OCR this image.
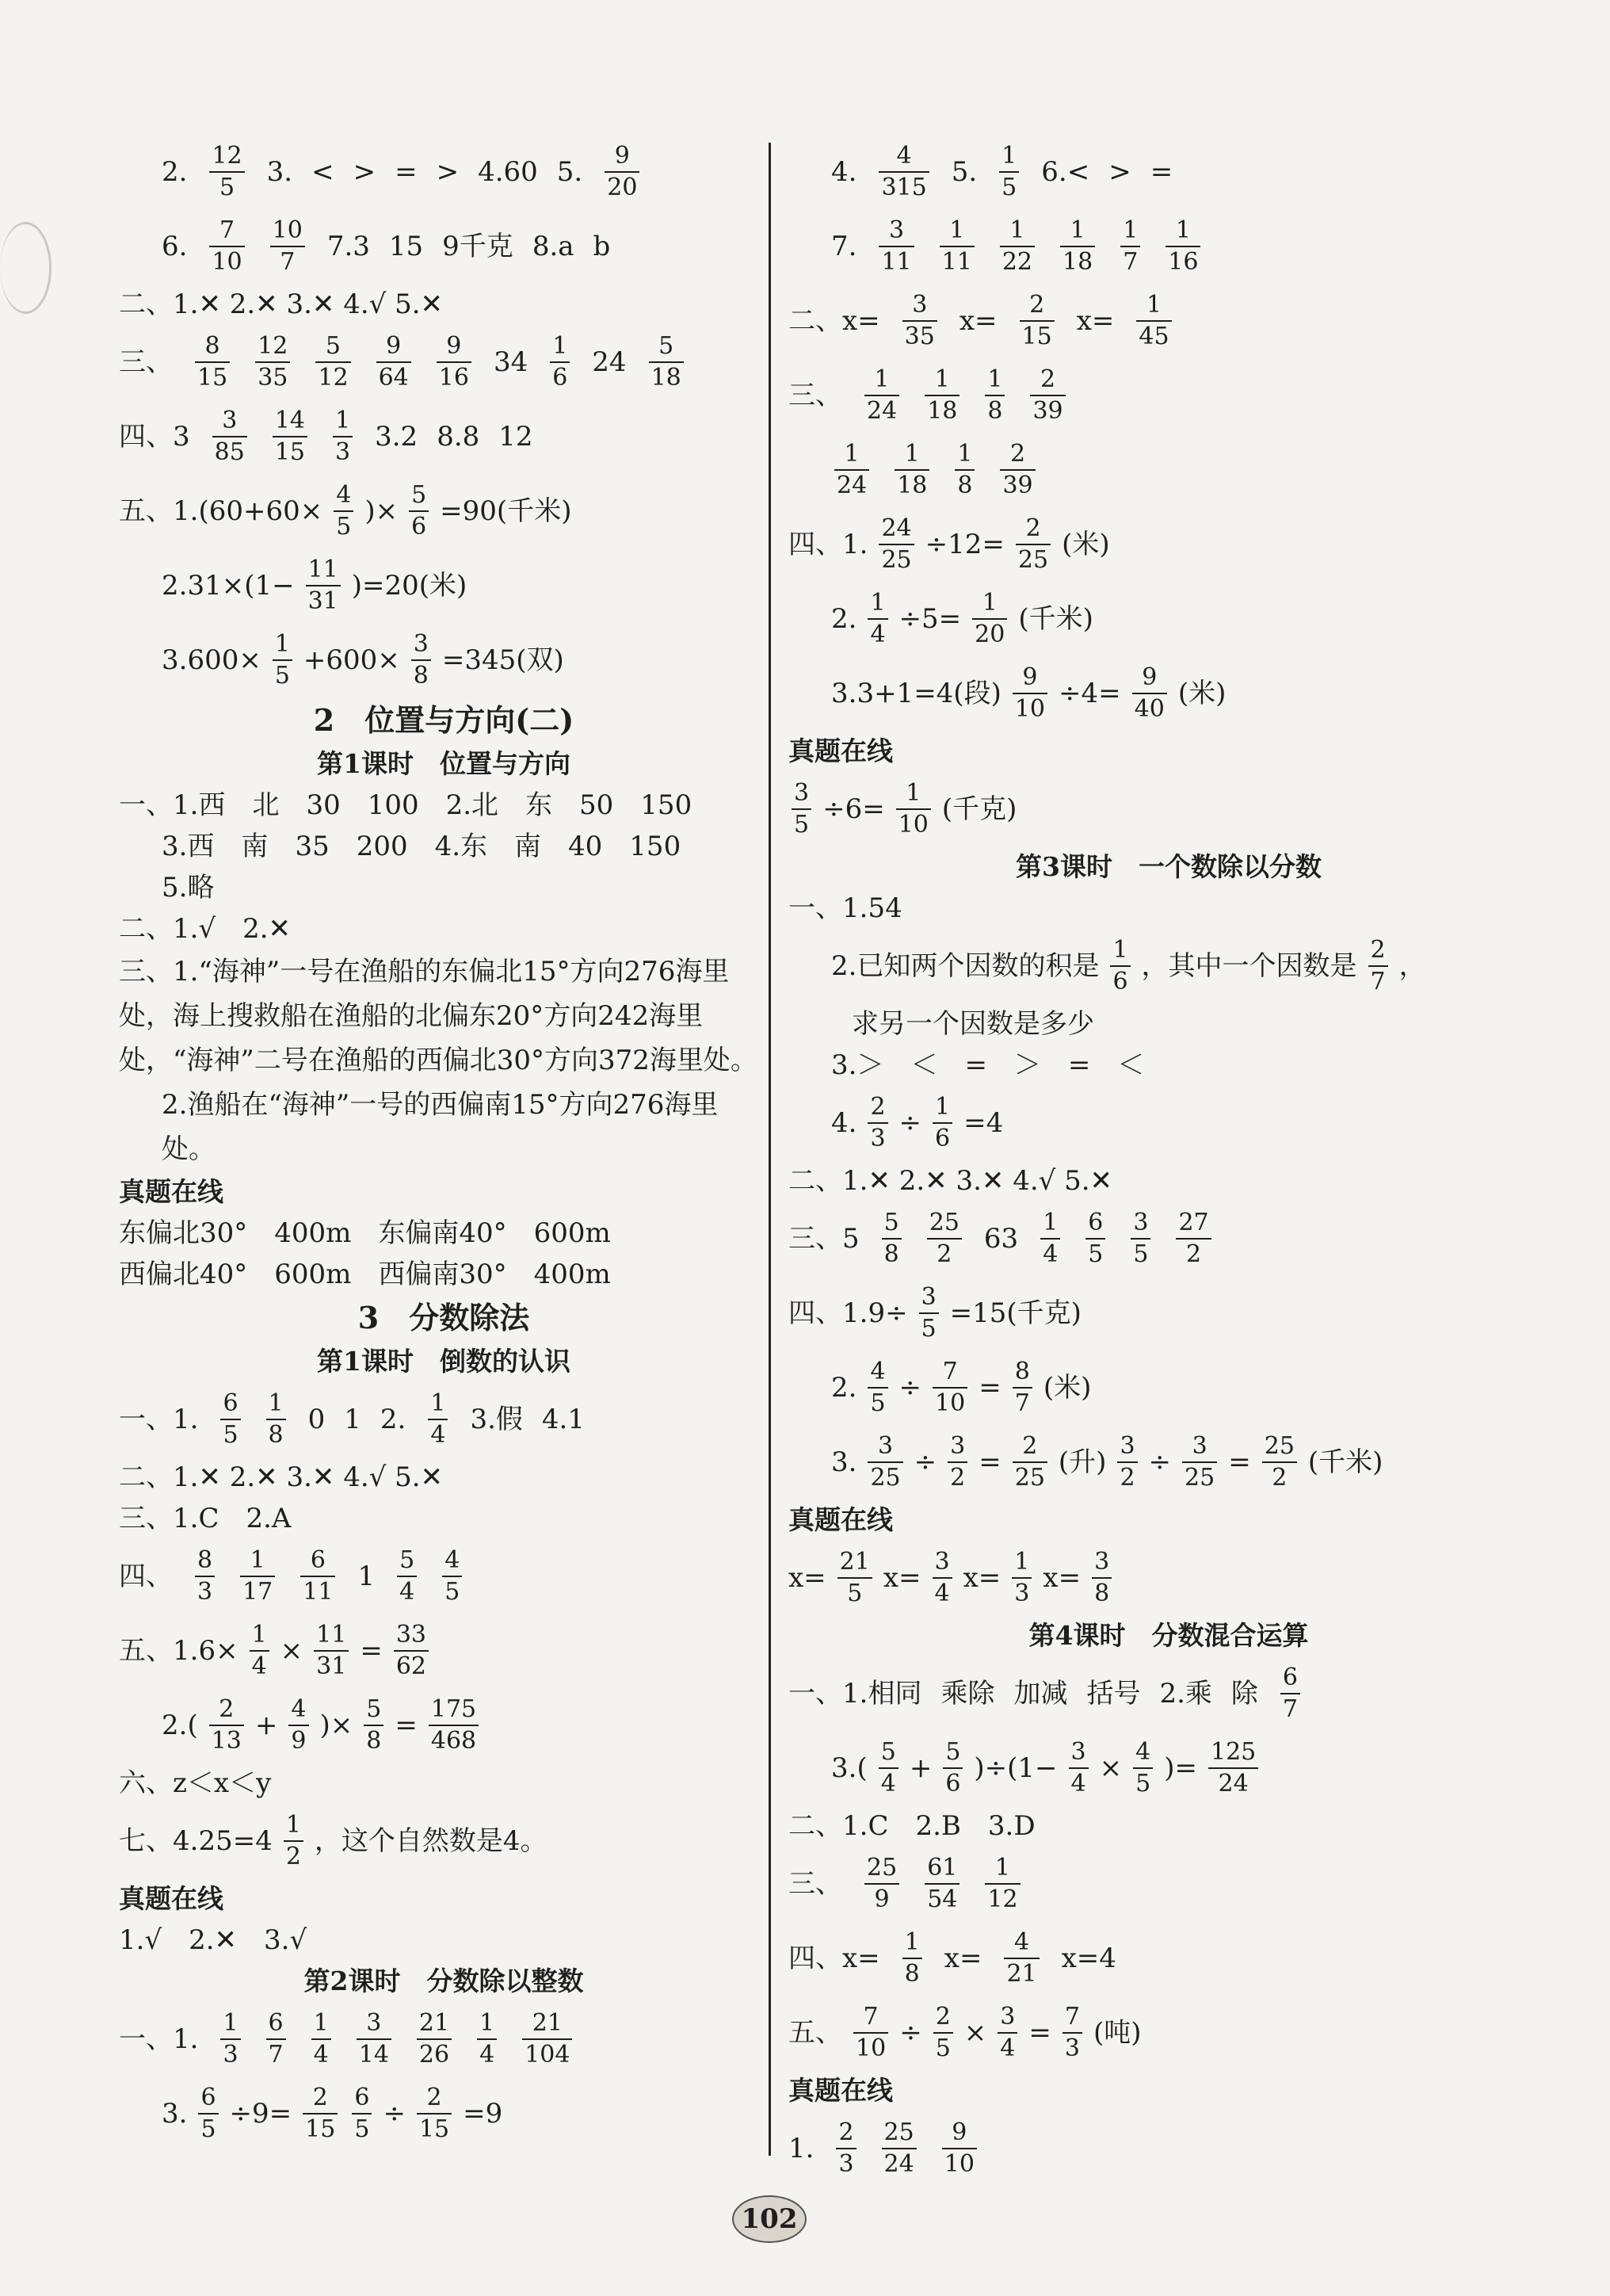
2. $\frac{12}{5} 3$. < > = > 4.60 5. $\frac{9}{20}$
6. $\frac{7}{10} \frac{10}{7} 7.3$ 15 9千克 8.a b
二、1.✕ 2.✕ 3.✕ 4.√ 5.✕
三、 $\frac{8}{15} \frac{12}{35} \frac{5}{12} \frac{9}{64} \frac{9}{16} 34 \frac{1}{6} 24 \frac{5}{18}$
四、$3 \frac{3}{85} \frac{14}{15} \frac{1}{3} 3.2$ 8.8 12
五、$1.(60+60\times \frac{4}{5}$ )× $\frac{5}{6} =90$(千米)
$2.31\times(1- \frac{11}{31} )=20$(米)
$3.600\times \frac{1}{5} +600\times \frac{3}{8} =345$(双)
2　位置与方向(二)
第1课时　位置与方向
一、1.西　北　30　100　2.北　东　50　150
3.西　南　35　200　4.东　南　40　150
5.略
二、1.√　2.✕
三、1.“海神”一号在渔船的东偏北15°方向276海里处，海上搜救船在渔船的北偏东20°方向242海里处，“海神”二号在渔船的西偏北30°方向372海里处。
2.渔船在“海神”一号的西偏南15°方向276海里处。
真题在线
东偏北30°　400m　东偏南40°　600m
西偏北40°　600m　西偏南30°　400m
3　分数除法
第1课时　倒数的认识
一、1. $\frac{6}{5} \frac{1}{8} 0$ 1 2. $\frac{1}{4} 3$.假 4.1
二、1.✕ 2.✕ 3.✕ 4.√ 5.✕
三、1.C　2.A
四、 $\frac{8}{3} \frac{1}{17} \frac{6}{11} 1 \frac{5}{4} \frac{4}{5}$
五、$1.6\times \frac{1}{4} \times \frac{11}{31} = \frac{33}{62}$
$2.( \frac{2}{13} + \frac{4}{9}$ )× $\frac{5}{8} = \frac{175}{468}$
六、z＜x＜y
七、$4.25=4 \frac{1}{2}$ ，这个自然数是4。
真题在线
1.√　2.✕　3.√
第2课时　分数除以整数
一、1. $\frac{1}{3} \frac{6}{7} \frac{1}{4} \frac{3}{14} \frac{21}{26} \frac{1}{4} \frac{21}{104}$
3. $\frac{6}{5} \div 9= \frac{2}{15} \frac{6}{5} \div \frac{2}{15} =9$
4. $\frac{4}{315} 5$. $\frac{1}{5} 6.<$ > =
7. $\frac{3}{11} \frac{1}{11} \frac{1}{22} \frac{1}{18} \frac{1}{7} \frac{1}{16}$
二、$x= \frac{3}{35} x= \frac{2}{15} x= \frac{1}{45}$
三、 $\frac{1}{24} \frac{1}{18} \frac{1}{8} \frac{2}{39}$
$\frac{1}{24} \frac{1}{18} \frac{1}{8} \frac{2}{39}$
四、1. $\frac{24}{25} \div 12= \frac{2}{25}$ (米)
2. $\frac{1}{4} \div 5= \frac{1}{20}$ (千米)
3.3+1=4(段) $\frac{9}{10} \div 4= \frac{9}{40}$ (米)
真题在线
$\frac{3}{5} \div 6= \frac{1}{10}$ (千克)
第3课时　一个数除以分数
一、1.54
2.已知两个因数的积是 $\frac{1}{6}$ ，其中一个因数是 $\frac{2}{7}$ ，
求另一个因数是多少
3.＞　＜　=　＞　=　＜
4. $\frac{2}{3} \div \frac{1}{6} =4$
二、1.✕ 2.✕ 3.✕ 4.√ 5.✕
三、$5 \frac{5}{8} \frac{25}{2} 63 \frac{1}{4} \frac{6}{5} \frac{3}{5} \frac{27}{2}$
四、$1.9\div \frac{3}{5} =15$(千克)
2. $\frac{4}{5} \div \frac{7}{10} = \frac{8}{7}$ (米)
3. $\frac{3}{25} \div \frac{3}{2} = \frac{2}{25}$ (升) $\frac{3}{2} \div \frac{3}{25} = \frac{25}{2}$ (千米)
真题在线
$x= \frac{21}{5} x= \frac{3}{4} x= \frac{1}{3} x= \frac{3}{8}$
第4课时　分数混合运算
一、1.相同 乘除 加减 括号 2.乘 除 $\frac{6}{7}$
$3.( \frac{5}{4} + \frac{5}{6} )\div(1- \frac{3}{4} \times \frac{4}{5}$ )= $\frac{125}{24}$
二、1.C　2.B　3.D
三、 $\frac{25}{9} \frac{61}{54} \frac{1}{12}$
四、$x= \frac{1}{8} x= \frac{4}{21} x=4$
五、 $\frac{7}{10} \div \frac{2}{5} \times \frac{3}{4} = \frac{7}{3}$ (吨)
真题在线
1. $\frac{2}{3} \frac{25}{24} \frac{9}{10}$
102
